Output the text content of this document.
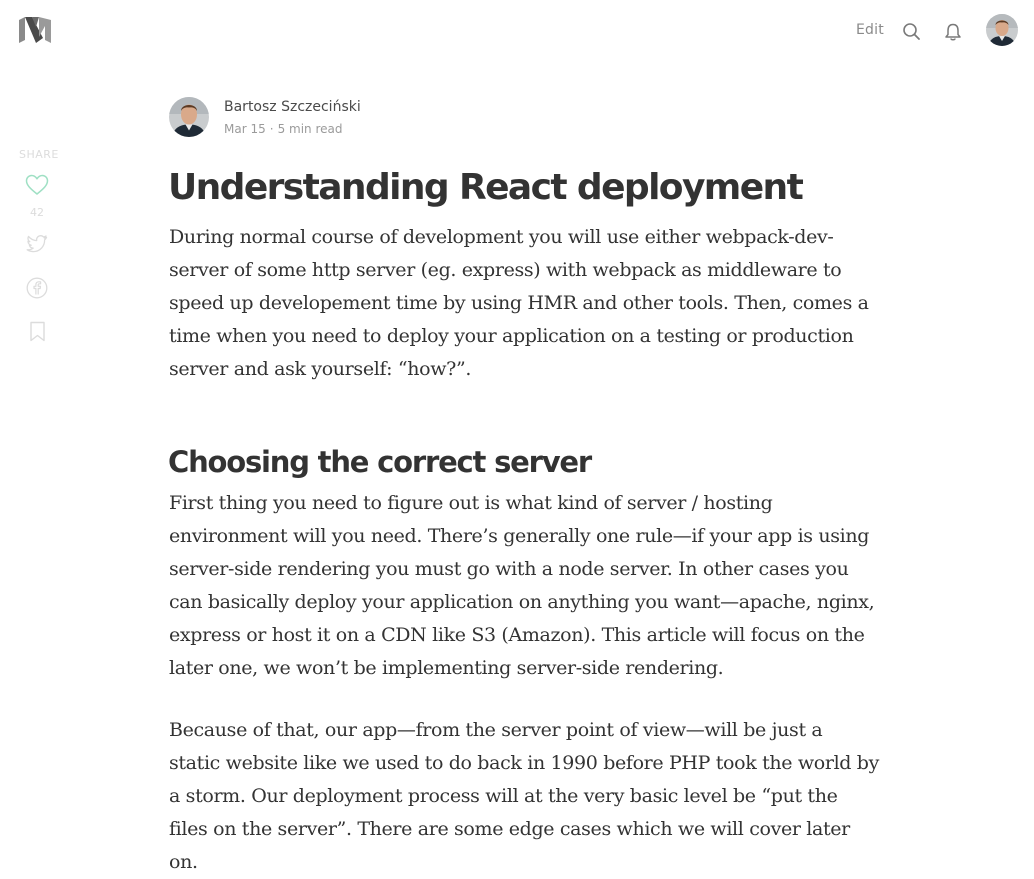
Edit
SHARE
42
Bartosz Szczeciński
Mar 15 · 5 min read
Understanding React deployment

During normal course of development you will use either webpack-dev-server of some http server (eg. express) with webpack as middleware to speed up developement time by using HMR and other tools. Then, comes a time when you need to deploy your application on a testing or production server and ask yourself: “how?”.

Choosing the correct server

First thing you need to figure out is what kind of server / hosting environment will you need. There’s generally one rule—if your app is using server-side rendering you must go with a node server. In other cases you can basically deploy your application on anything you want—apache, nginx, express or host it on a CDN like S3 (Amazon). This article will focus on the later one, we won’t be implementing server-side rendering.

Because of that, our app—from the server point of view—will be just a static website like we used to do back in 1990 before PHP took the world by a storm. Our deployment process will at the very basic level be “put the files on the server”. There are some edge cases which we will cover later on.
